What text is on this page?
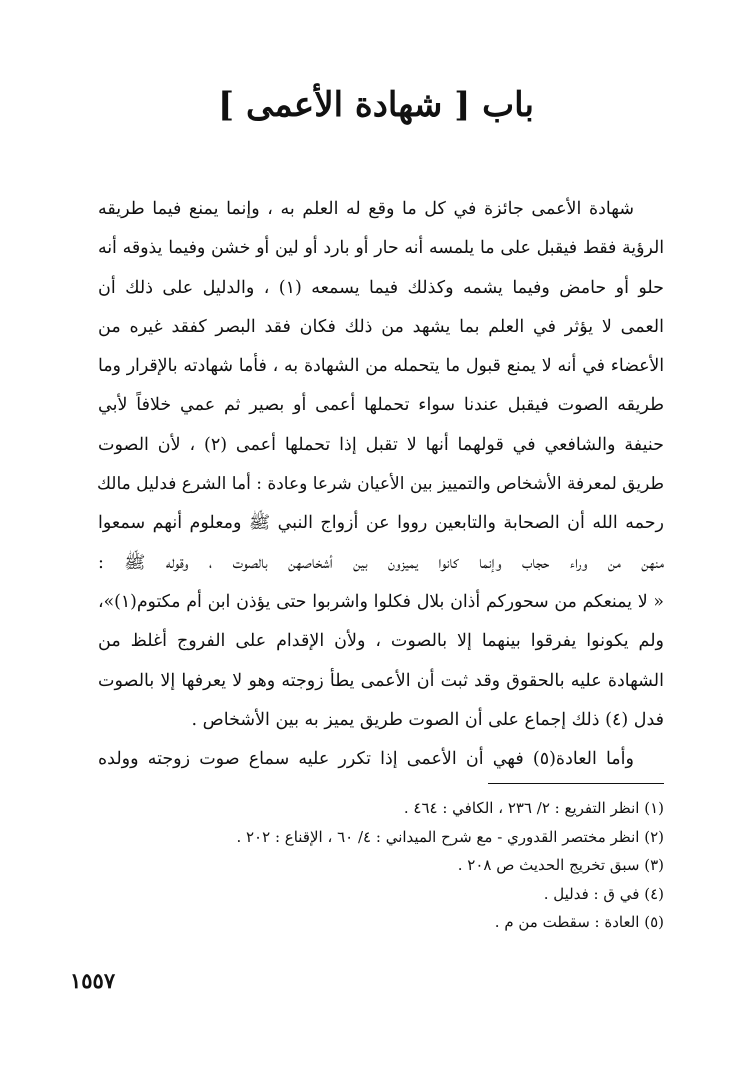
باب [ شهادة الأعمى ]
شهادة الأعمى جائزة في كل ما وقع له العلم به ، وإنما يمنع فيما طريقه
الرؤية فقط فيقبل على ما يلمسه أنه حار أو بارد أو لين أو خشن وفيما يذوقه أنه
حلو أو حامض وفيما يشمه وكذلك فيما يسمعه (١) ، والدليل على ذلك أن
العمى لا يؤثر في العلم بما يشهد من ذلك فكان فقد البصر كفقد غيره من
الأعضاء في أنه لا يمنع قبول ما يتحمله من الشهادة به ، فأما شهادته بالإقرار وما
طريقه الصوت فيقبل عندنا سواء تحملها أعمى أو بصير ثم عمي خلافاً لأبي
حنيفة والشافعي في قولهما أنها لا تقبل إذا تحملها أعمى (٢) ، لأن الصوت
طريق لمعرفة الأشخاص والتمييز بين الأعيان شرعا وعادة : أما الشرع فدليل مالك
رحمه الله أن الصحابة والتابعين رووا عن أزواج النبي ﷺ ومعلوم أنهم سمعوا
منهن من وراء حجاب وإنما كانوا يميزون بين أشخاصهن بالصوت ، وقوله ﷺ :
« لا يمنعكم من سحوركم أذان بلال فكلوا واشربوا حتى يؤذن ابن أم مكتوم(١)»،
ولم يكونوا يفرقوا بينهما إلا بالصوت ، ولأن الإقدام على الفروج أغلظ من
الشهادة عليه بالحقوق وقد ثبت أن الأعمى يطأ زوجته وهو لا يعرفها إلا بالصوت
فدل (٤) ذلك إجماع على أن الصوت طريق يميز به بين الأشخاص .
وأما العادة(٥) فهي أن الأعمى إذا تكرر عليه سماع صوت زوجته وولده
(١) انظر التفريع : ٢/ ٢٣٦ ، الكافي : ٤٦٤ .
(٢) انظر مختصر القدوري - مع شرح الميداني : ٤/ ٦٠ ، الإقناع : ٢٠٢ .
(٣) سبق تخريج الحديث ص ٢٠٨ .
(٤) في ق : فدليل .
(٥) العادة : سقطت من م .
١٥٥٧
